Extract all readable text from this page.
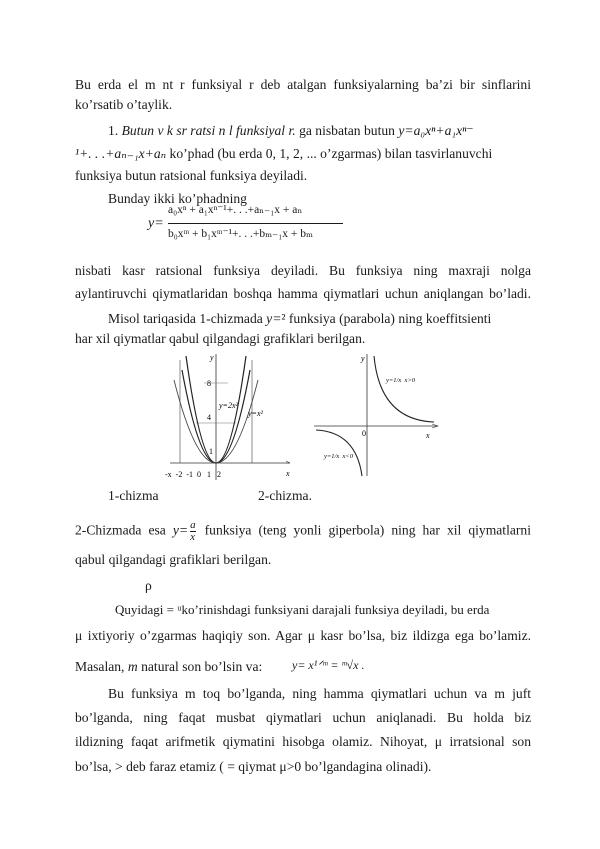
Bu erda el m nt r funksiyal r deb atalgan funksiyalarning ba’zi bir sinflarini
ko’rsatib o’taylik.
1. Butun v k sr ratsi n l funksiyal r. ga nisbatan butun y=a₀xⁿ+a₁xⁿ⁻
¹+. . .+aₙ₋₁x+aₙ ko’phad (bu erda 0, 1, 2, ... o’zgarmas) bilan tasvirlanuvchi
funksiya butun ratsional funksiya deyiladi.
Bunday ikki ko’phadning
y=
a₀xⁿ + a₁xⁿ⁻¹+. . .+aₙ₋₁x + aₙ
b₀xᵐ + b₁xᵐ⁻¹+. . .+bₘ₋₁x + bₘ
nisbati kasr ratsional funksiya deyiladi. Bu funksiya ning maxraji nolga
aylantiruvchi qiymatlaridan boshqa hamma qiymatlari uchun aniqlangan bo’ladi.
Misol tariqasida 1-chizmada y=² funksiya (parabola) ning koeffitsienti
har xil qiymatlar qabul qilgandagi grafiklari berilgan.
y
x
8
4
1
y=2x²
y=x²
-x  -2  -1  0   1   2
y
x
0
y=1/x  x>0
y=1/x  x<0
1-chizma	2-chizma.
2-Chizmada esa $y= \frac{a}{x}$ funksiya (teng yonli giperbola) ning har xil qiymatlarni
qabul qilgandagi grafiklari berilgan.
ρ
Quyidagi = ᵘko’rinishdagi funksiyani darajali funksiya deyiladi, bu erda
μ ixtiyoriy o’zgarmas haqiqiy son. Agar μ kasr bo’lsa, biz ildizga ega bo’lamiz.
Masalan, m natural son bo’lsin va:	y= x¹ᐟᵐ = ᵐ√x .
Bu funksiya m toq bo’lganda, ning hamma qiymatlari uchun va m juft
bo’lganda, ning faqat musbat qiymatlari uchun aniqlanadi. Bu holda biz
ildizning faqat arifmetik qiymatini hisobga olamiz. Nihoyat, μ irratsional son
bo’lsa, > deb faraz etamiz ( = qiymat μ>0 bo’lgandagina olinadi).
